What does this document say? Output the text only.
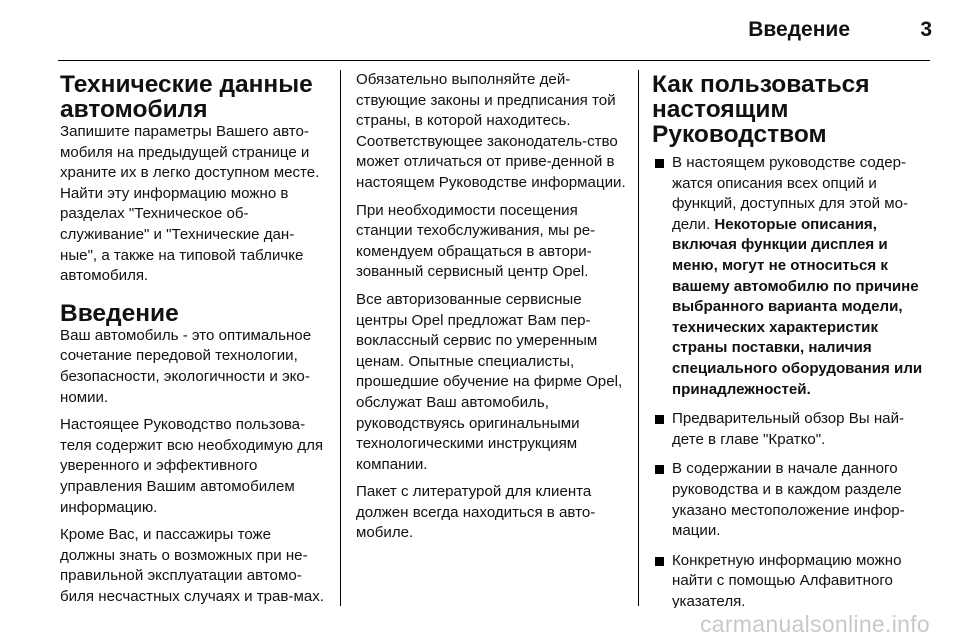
Введение	3
Технические данные автомобиля

Запишите параметры Вашего авто-мобиля на предыдущей странице и храните их в легко доступном месте. Найти эту информацию можно в разделах "Техническое об-служивание" и "Технические дан-ные", а также на типовой табличке автомобиля.

Введение

Ваш автомобиль - это оптимальное сочетание передовой технологии, безопасности, экологичности и эко-номии.

Настоящее Руководство пользова-теля содержит всю необходимую для уверенного и эффективного управления Вашим автомобилем информацию.

Кроме Вас, и пассажиры тоже должны знать о возможных при не-правильной эксплуатации автомо-биля несчастных случаях и трав-мах.

Обязательно выполняйте дей-ствующие законы и предписания той страны, в которой находитесь. Соответствующее законодатель-ство может отличаться от приве-денной в настоящем Руководстве информации.

При необходимости посещения станции техобслуживания, мы ре-комендуем обращаться в автори-зованный сервисный центр Opel.

Все авторизованные сервисные центры Opel предложат Вам пер-воклассный сервис по умеренным ценам. Опытные специалисты, прошедшие обучение на фирме Opel, обслужат Ваш автомобиль, руководствуясь оригинальными технологическими инструкциям компании.

Пакет с литературой для клиента должен всегда находиться в авто-мобиле.

Как пользоваться настоящим Руководством
В настоящем руководстве содер-жатся описания всех опций и функций, доступных для этой мо-дели. Некоторые описания, включая функции дисплея и меню, могут не относиться к вашему автомобилю по причине выбранного варианта модели, технических характеристик страны поставки, наличия специального оборудования или принадлежностей.
Предварительный обзор Вы най-дете в главе "Кратко".
В содержании в начале данного руководства и в каждом разделе указано местоположение инфор-мации.
Конкретную информацию можно найти с помощью Алфавитного указателя.
carmanualsonline.info
